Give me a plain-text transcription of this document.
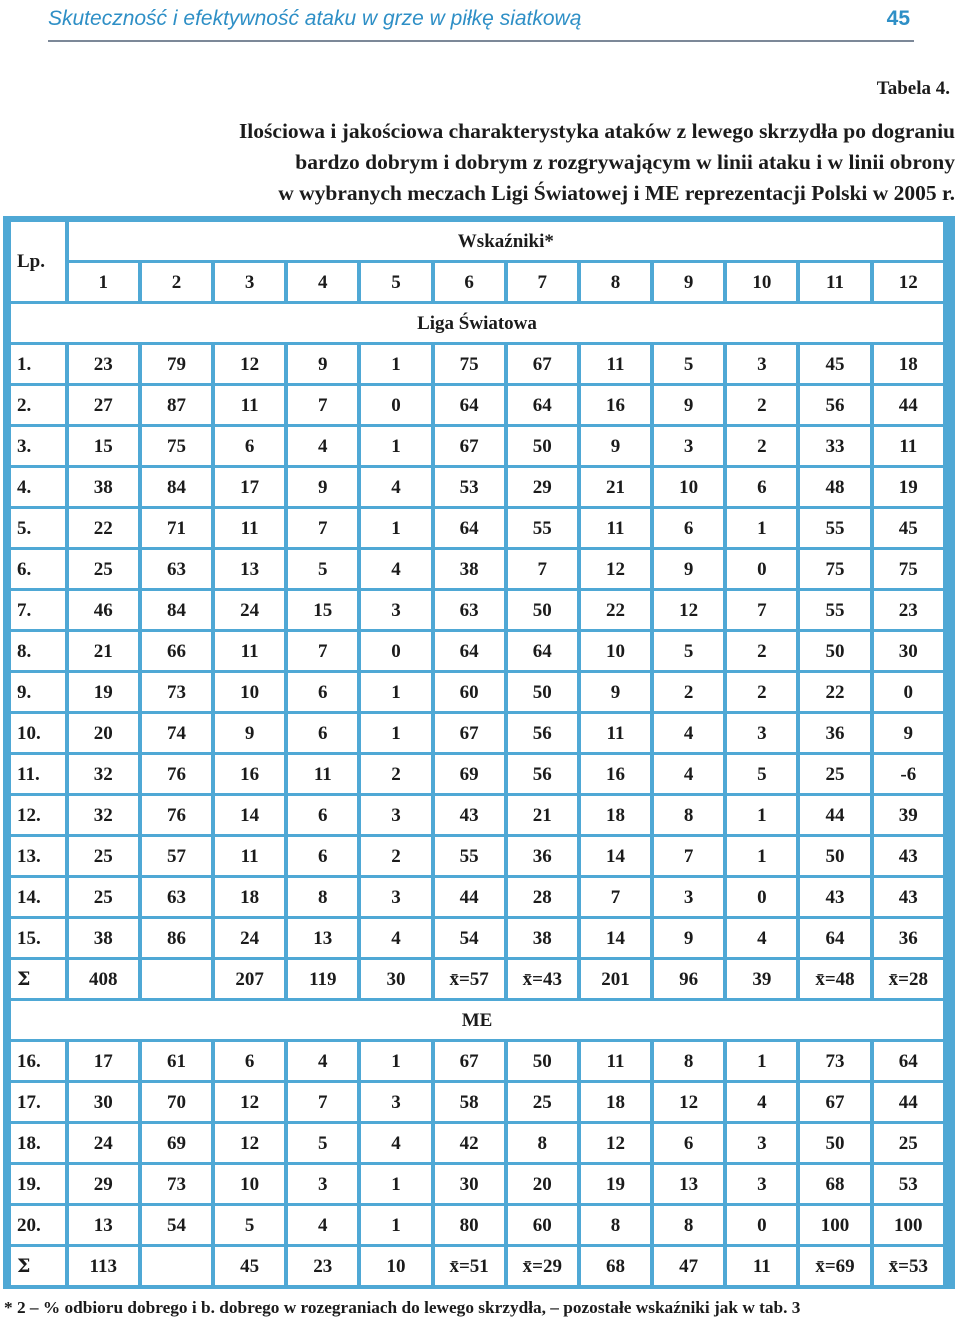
Skuteczność i efektywność ataku w grze w piłkę siatkową	45
Tabela 4.
Ilościowa i jakościowa charakterystyka ataków z lewego skrzydła po dograniu
bardzo dobrym i dobrym z rozgrywającym w linii ataku i w linii obrony
w wybranych meczach Ligi Światowej i ME reprezentacji Polski w 2005 r.
Lp.	Wskaźniki*											

	1	2	3	4	5	6	7	8	9	10	11	12

Liga Światowa												

1.	23	79	12	9	1	75	67	11	5	3	45	18

2.	27	87	11	7	0	64	64	16	9	2	56	44

3.	15	75	6	4	1	67	50	9	3	2	33	11

4.	38	84	17	9	4	53	29	21	10	6	48	19

5.	22	71	11	7	1	64	55	11	6	1	55	45

6.	25	63	13	5	4	38	7	12	9	0	75	75

7.	46	84	24	15	3	63	50	22	12	7	55	23

8.	21	66	11	7	0	64	64	10	5	2	50	30

9.	19	73	10	6	1	60	50	9	2	2	22	0

10.	20	74	9	6	1	67	56	11	4	3	36	9

11.	32	76	16	11	2	69	56	16	4	5	25	-6

12.	32	76	14	6	3	43	21	18	8	1	44	39

13.	25	57	11	6	2	55	36	14	7	1	50	43

14.	25	63	18	8	3	44	28	7	3	0	43	43

15.	38	86	24	13	4	54	38	14	9	4	64	36

Σ	408		207	119	30	x̄=57	x̄=43	201	96	39	x̄=48	x̄=28

ME												

16.	17	61	6	4	1	67	50	11	8	1	73	64

17.	30	70	12	7	3	58	25	18	12	4	67	44

18.	24	69	12	5	4	42	8	12	6	3	50	25

19.	29	73	10	3	1	30	20	19	13	3	68	53

20.	13	54	5	4	1	80	60	8	8	0	100	100

Σ	113		45	23	10	x̄=51	x̄=29	68	47	11	x̄=69	x̄=53
* 2 – % odbioru dobrego i b. dobrego w rozegraniach do lewego skrzydła, – pozostałe wskaźniki jak w tab. 3
